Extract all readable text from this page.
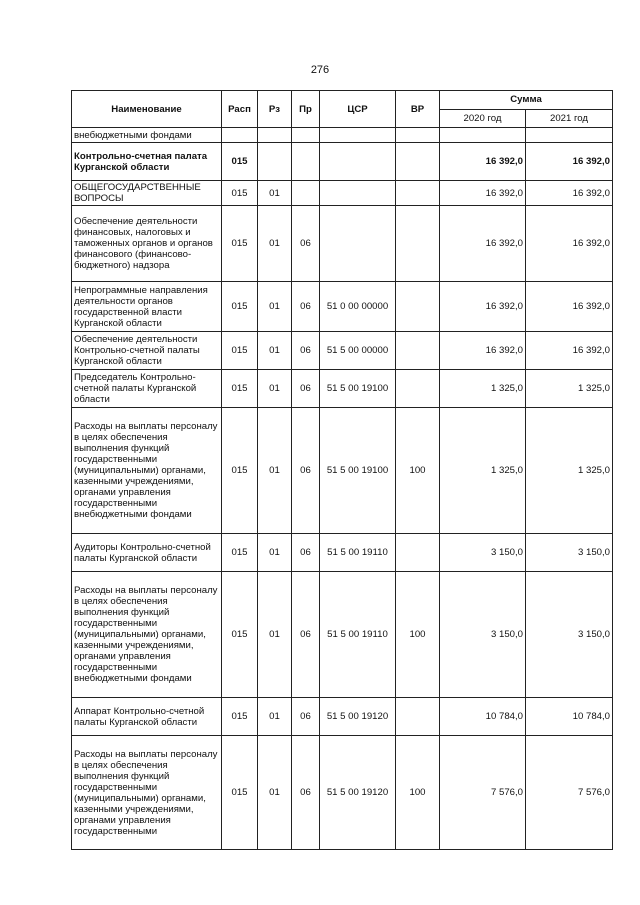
276
Наименование	Расп	Рз	Пр	ЦСР	ВР	Сумма	
						2020 год	2021 год
внебюджетными фондами							
Контрольно-счетная палата Курганской области	015					16 392,0	16 392,0
ОБЩЕГОСУДАРСТВЕННЫЕ ВОПРОСЫ	015	01				16 392,0	16 392,0
Обеспечение деятельности финансовых, налоговых и таможенных органов и органов финансового (финансово-бюджетного) надзора	015	01	06			16 392,0	16 392,0
Непрограммные направления деятельности органов государственной власти Курганской области	015	01	06	51 0 00 00000		16 392,0	16 392,0
Обеспечение деятельности Контрольно-счетной палаты Курганской области	015	01	06	51 5 00 00000		16 392,0	16 392,0
Председатель Контрольно-счетной палаты Курганской области	015	01	06	51 5 00 19100		1 325,0	1 325,0
Расходы на выплаты персоналу в целях обеспечения выполнения функций государственными (муниципальными) органами, казенными учреждениями, органами управления государственными внебюджетными фондами	015	01	06	51 5 00 19100	100	1 325,0	1 325,0
Аудиторы Контрольно-счетной палаты Курганской области	015	01	06	51 5 00 19110		3 150,0	3 150,0
Расходы на выплаты персоналу в целях обеспечения выполнения функций государственными (муниципальными) органами, казенными учреждениями, органами управления государственными внебюджетными фондами	015	01	06	51 5 00 19110	100	3 150,0	3 150,0
Аппарат Контрольно-счетной палаты Курганской области	015	01	06	51 5 00 19120		10 784,0	10 784,0
Расходы на выплаты персоналу в целях обеспечения выполнения функций государственными (муниципальными) органами, казенными учреждениями, органами управления государственными	015	01	06	51 5 00 19120	100	7 576,0	7 576,0
